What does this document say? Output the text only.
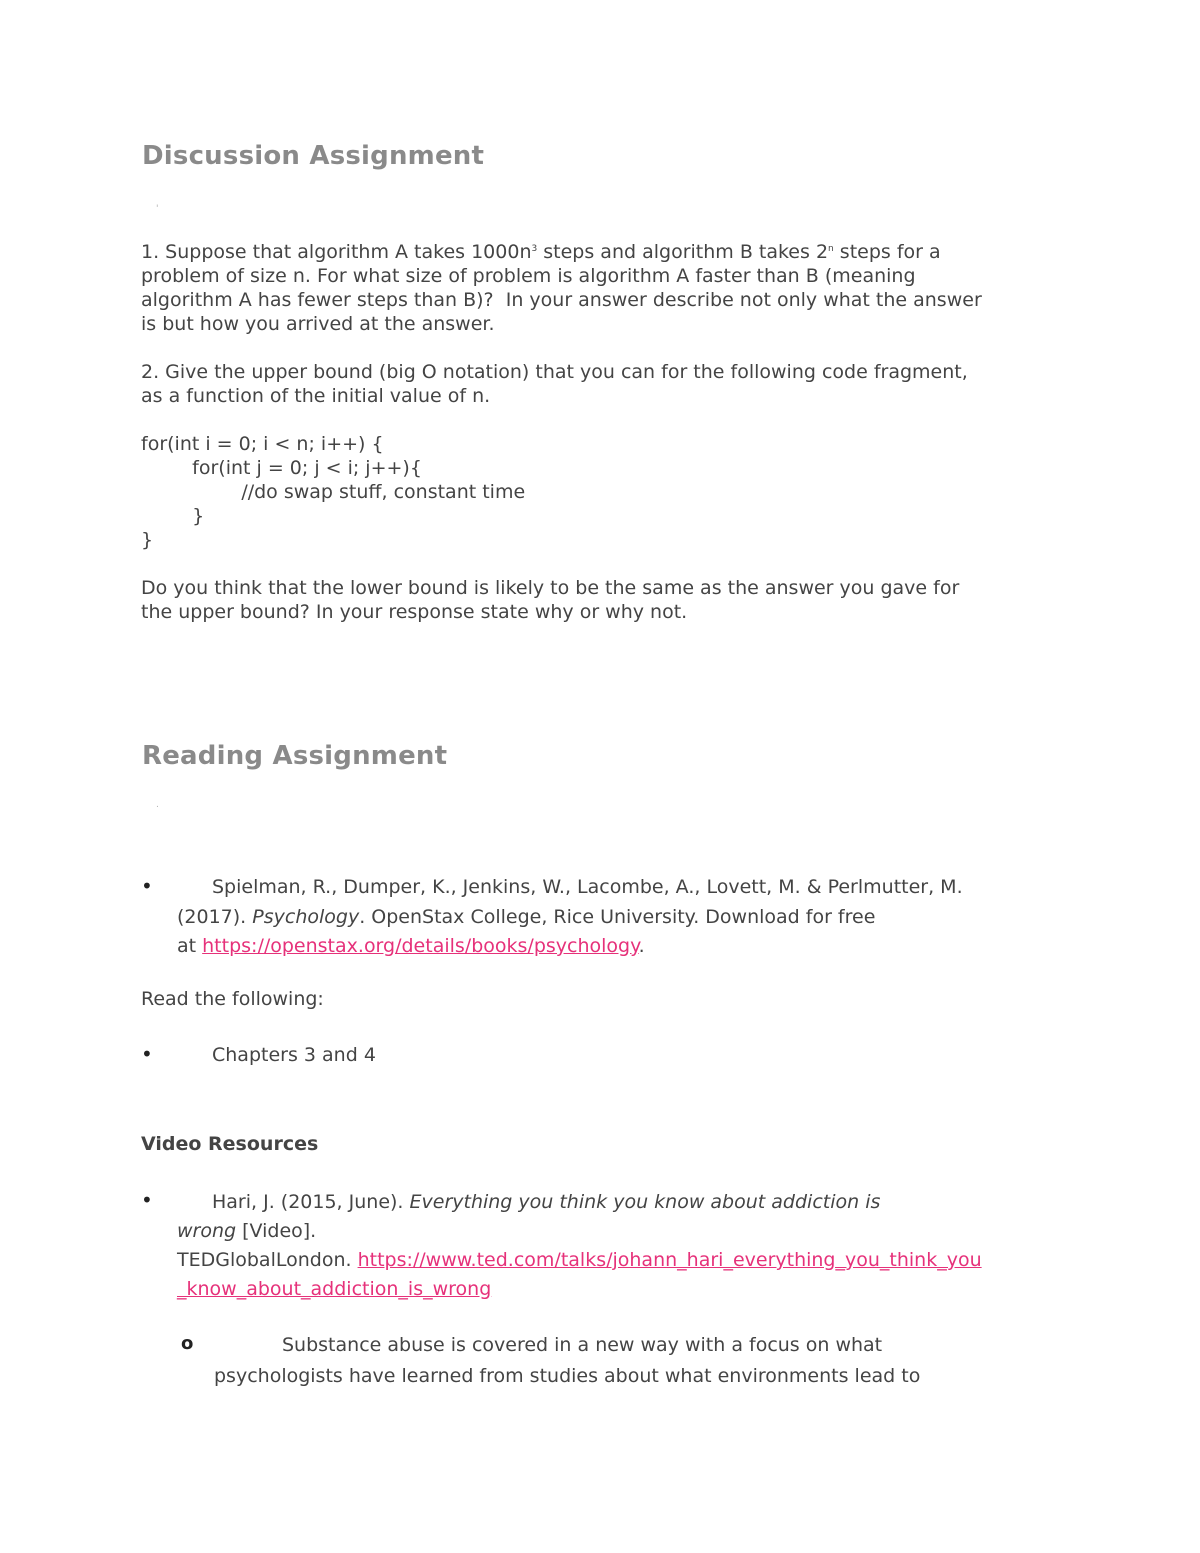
Discussion Assignment
'
1. Suppose that algorithm A takes $1000n^3$ steps and algorithm B takes 2$^n$ steps for a
problem of size n. For what size of problem is algorithm A faster than B (meaning
algorithm A has fewer steps than B)?  In your answer describe not only what the answer
is but how you arrived at the answer.
2. Give the upper bound (big O notation) that you can for the following code fragment,
as a function of the initial value of n.
for(int i = 0; i < n; i++) {
for(int j = 0; j < i; j++){
//do swap stuff, constant time
}
}
Do you think that the lower bound is likely to be the same as the answer you gave for
the upper bound? In your response state why or why not.
Reading Assignment
.
•	Spielman, R., Dumper, K., Jenkins, W., Lacombe, A., Lovett, M. & Perlmutter, M.
(2017). Psychology. OpenStax College, Rice University. Download for free
at https://openstax.org/details/books/psychology.
Read the following:
•	Chapters 3 and 4
Video Resources
•	Hari, J. (2015, June). Everything you think you know about addiction is
wrong [Video].
TEDGlobalLondon. https://www.ted.com/talks/johann_hari_everything_you_think_you
_know_about_addiction_is_wrong
o	Substance abuse is covered in a new way with a focus on what
psychologists have learned from studies about what environments lead to
